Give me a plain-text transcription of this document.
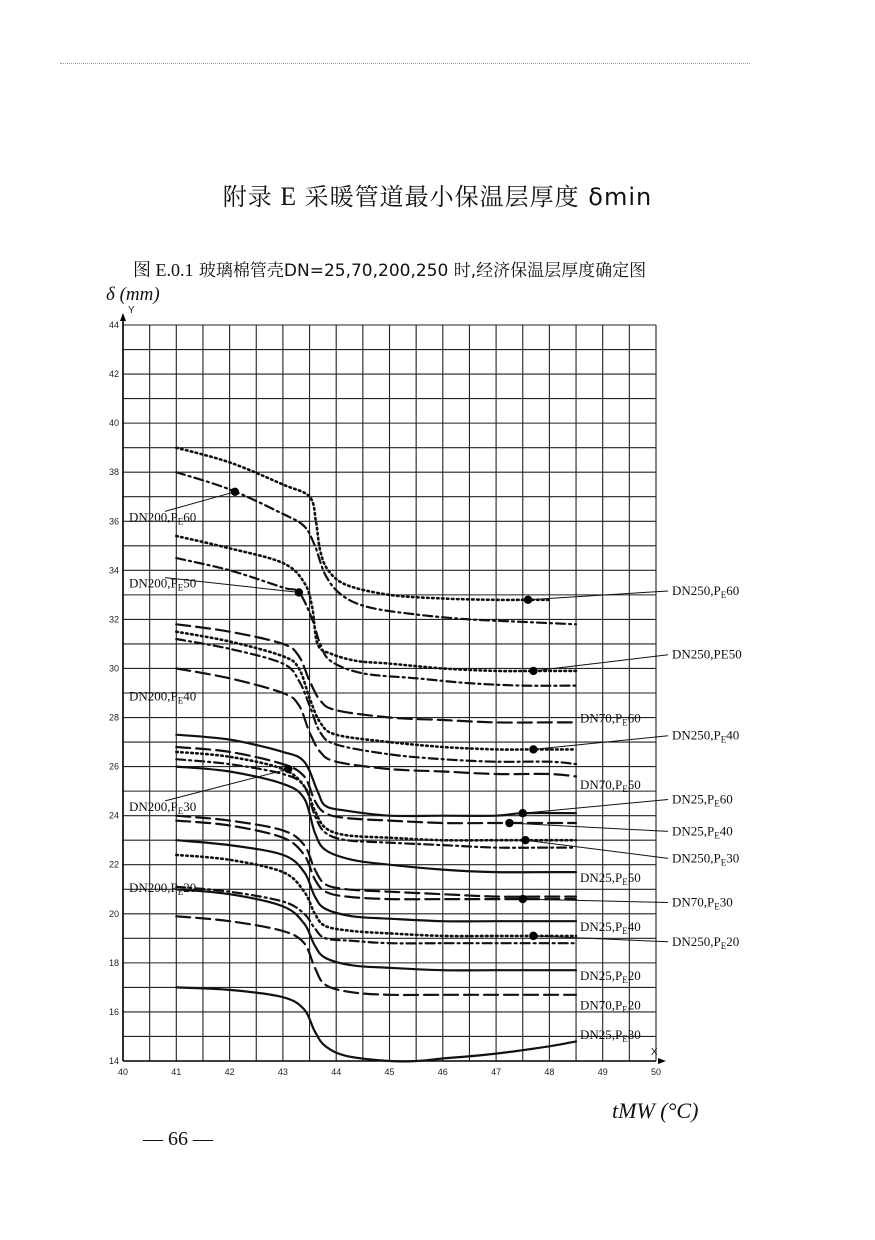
附录 E 采暖管道最小保温层厚度 δmin
图 E.0.1 玻璃棉管壳DN=25,70,200,250 时,经济保温层厚度确定图
40	41	42	43	44	45	46	47	48	49	50
14
16
18
20
22
24
26
28
30
32
34
36
38
40
42
44
$DN200,P_E60$
$DN200,P_E50$
$DN200,P_E40$
$DN200,P_E30$
$DN200,P_E20$
$DN250,P_E60$
DN250,PE50
$DN70,P_E60$
$DN250,P_E40$
$DN70,P_E50$
$DN25,P_E60$
$DN25,P_E40$
$DN250,P_E30$
$DN25,P_E50$
$DN70,P_E30$
$DN25,P_E40$
$DN250,P_E20$
$DN25,P_E20$
$DN70,P_E20$
$DN25,P_E30$
δ (mm)
X
Y
tMW (°C)
— 66 —
